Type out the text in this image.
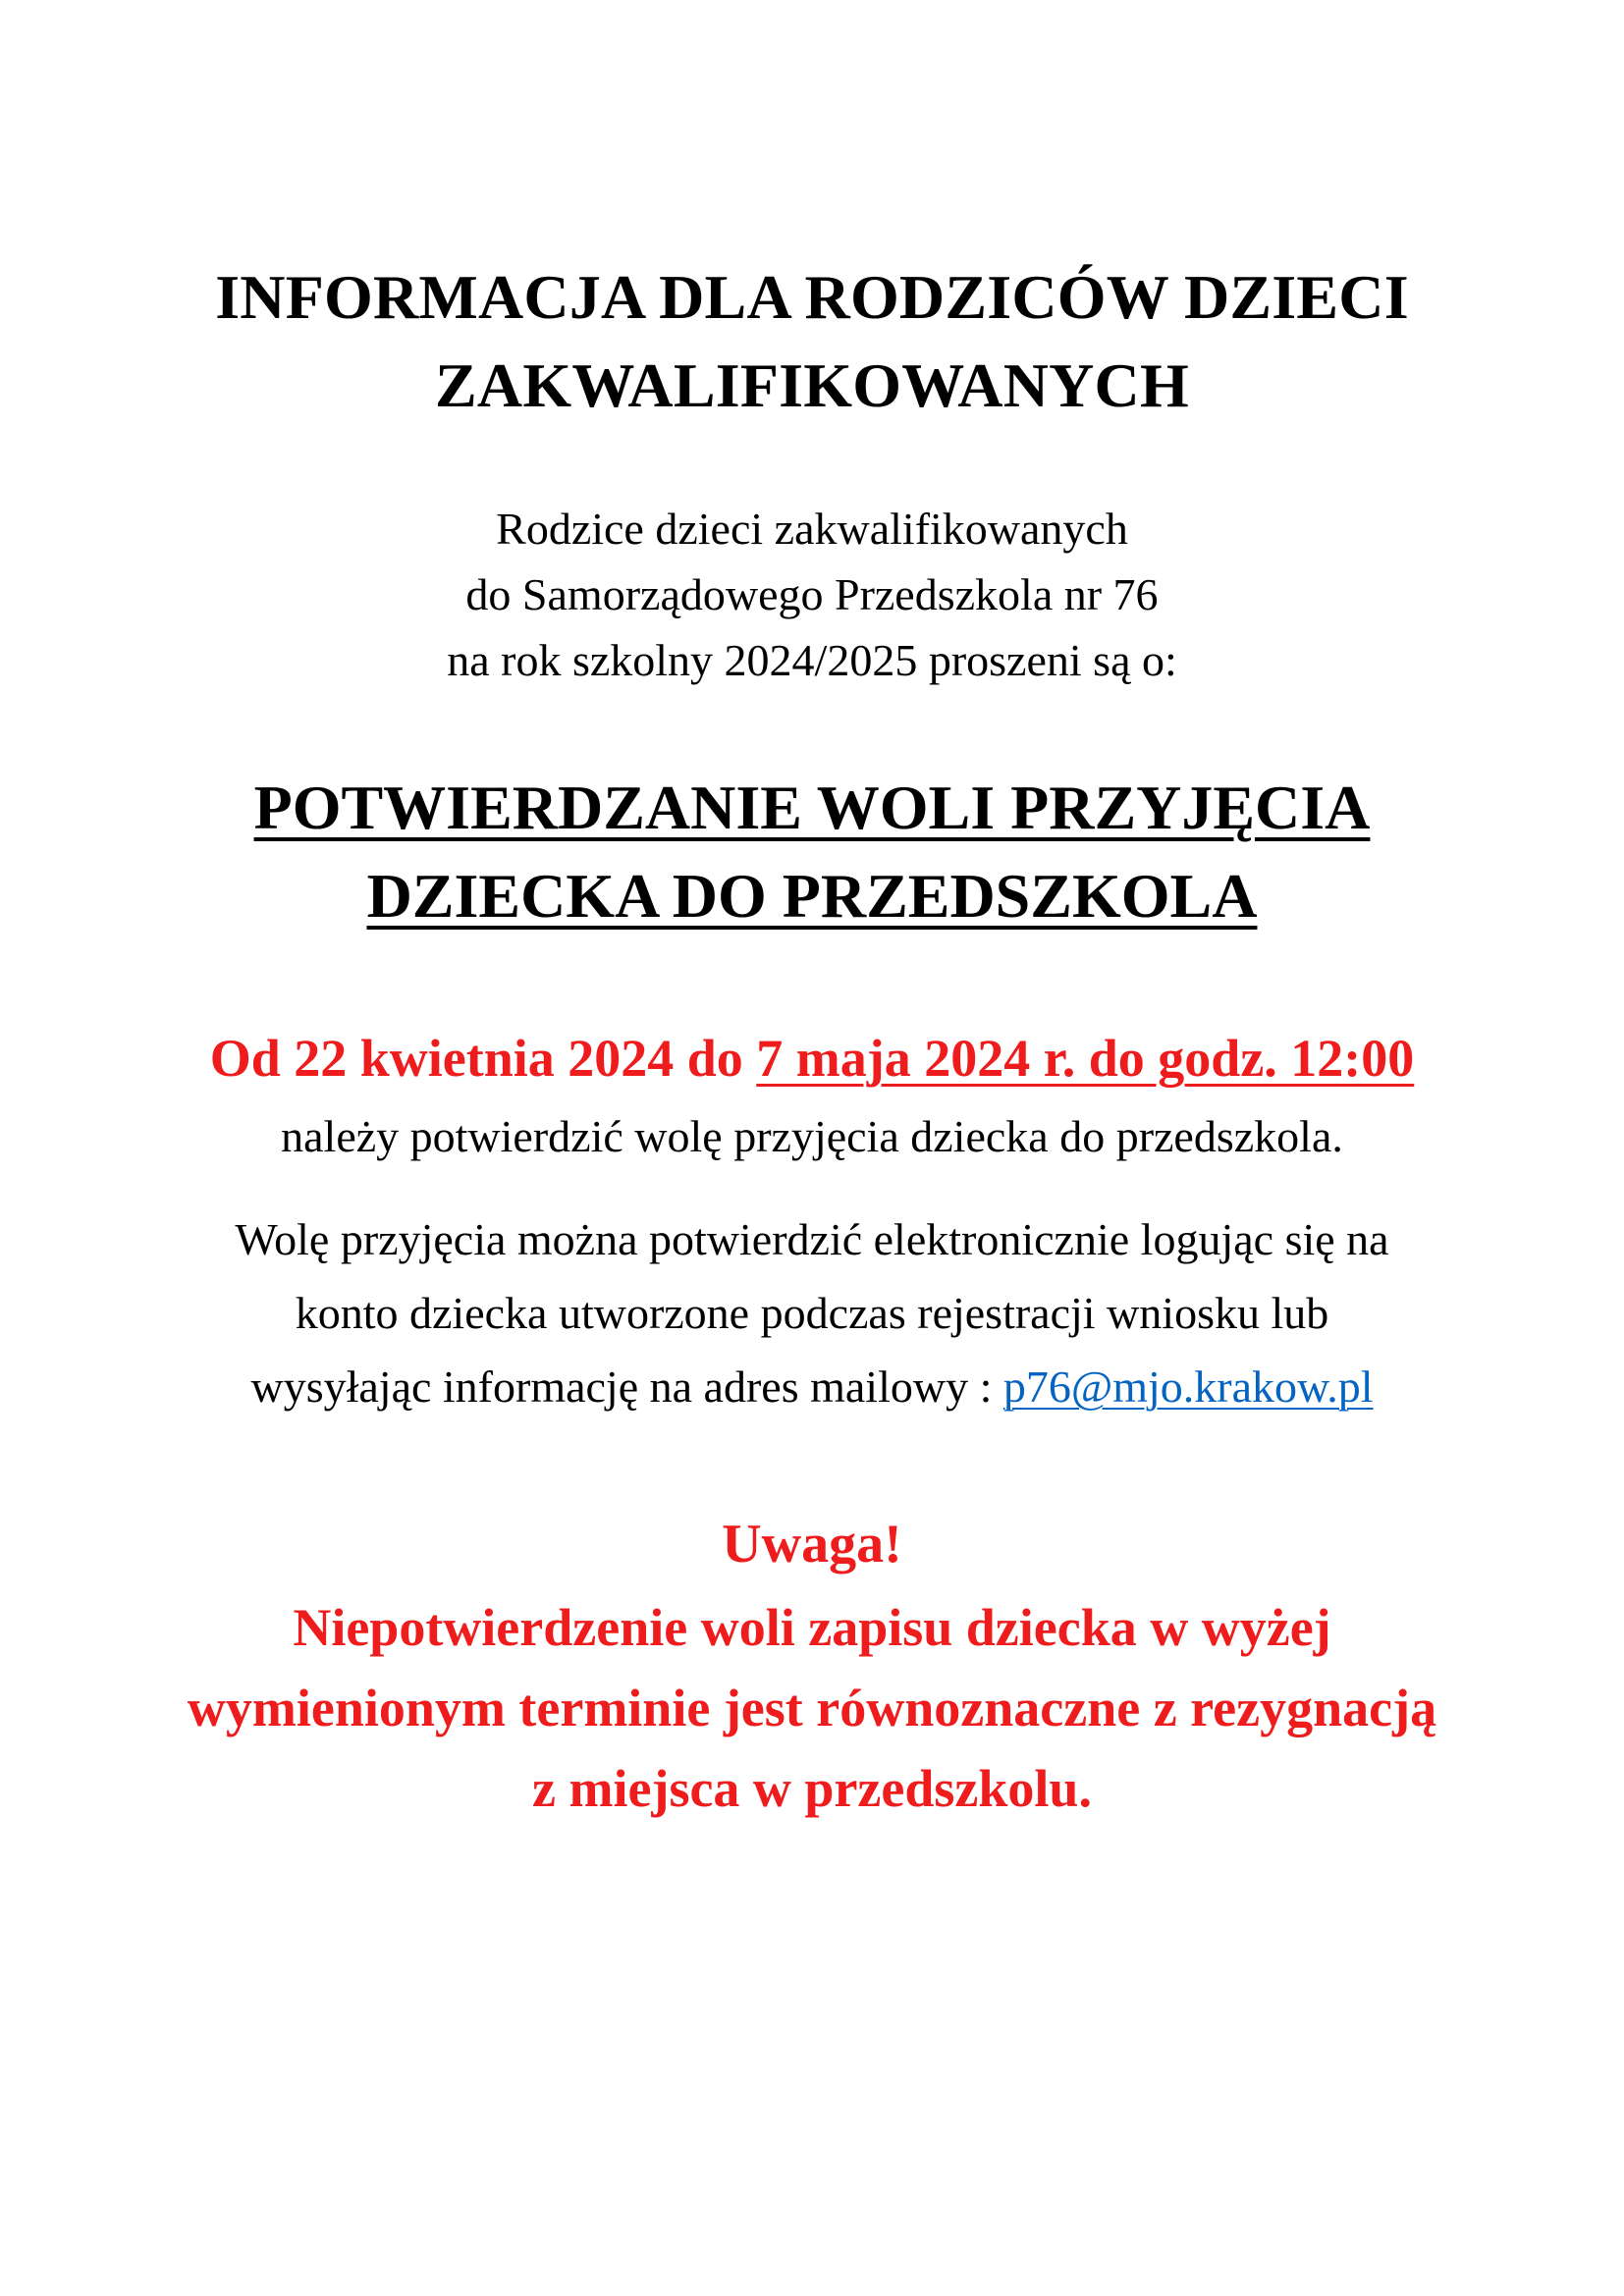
INFORMACJA DLA RODZICÓW DZIECI
ZAKWALIFIKOWANYCH
Rodzice dzieci zakwalifikowanych
do Samorządowego Przedszkola nr 76
na rok szkolny 2024/2025 proszeni są o:
POTWIERDZANIE WOLI PRZYJĘCIA
DZIECKA DO PRZEDSZKOLA
Od 22 kwietnia 2024 do 7 maja 2024 r. do godz. 12:00
należy potwierdzić wolę przyjęcia dziecka do przedszkola.
Wolę przyjęcia można potwierdzić elektronicznie logując się na
konto dziecka utworzone podczas rejestracji wniosku lub
wysyłając informację na adres mailowy : p76@mjo.krakow.pl
Uwaga!
Niepotwierdzenie woli zapisu dziecka w wyżej
wymienionym terminie jest równoznaczne z rezygnacją
z miejsca w przedszkolu.
